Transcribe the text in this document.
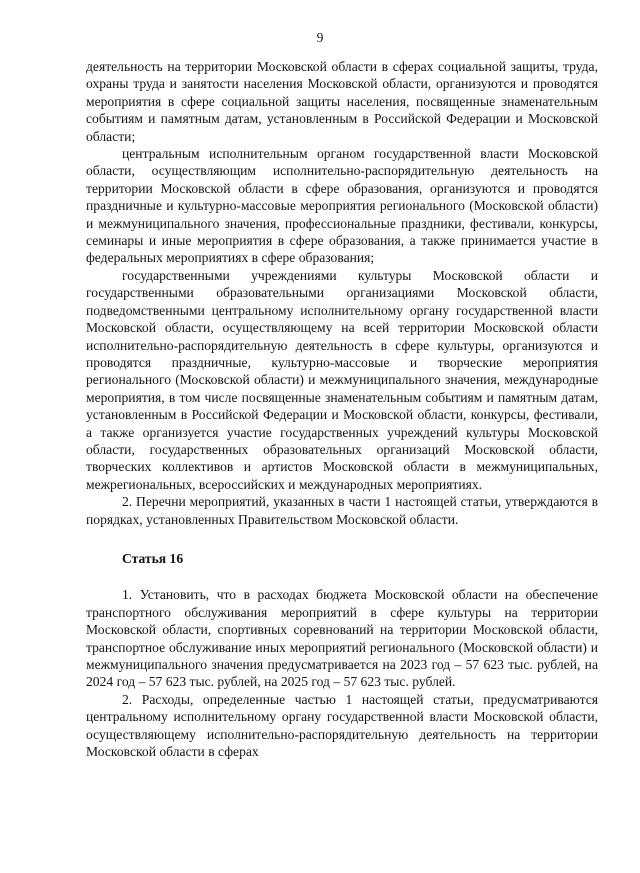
9

деятельность на территории Московской области в сферах социальной защиты, труда, охраны труда и занятости населения Московской области, организуются и проводятся мероприятия в сфере социальной защиты населения, посвященные знаменательным событиям и памятным датам, установленным в Российской Федерации и Московской области;

центральным исполнительным органом государственной власти Московской области, осуществляющим исполнительно-распорядительную деятельность на территории Московской области в сфере образования, организуются и проводятся праздничные и культурно-массовые мероприятия регионального (Московской области) и межмуниципального значения, профессиональные праздники, фестивали, конкурсы, семинары и иные мероприятия в сфере образования, а также принимается участие в федеральных мероприятиях в сфере образования;

государственными учреждениями культуры Московской области и государственными образовательными организациями Московской области, подведомственными центральному исполнительному органу государственной власти Московской области, осуществляющему на всей территории Московской области исполнительно-распорядительную деятельность в сфере культуры, организуются и проводятся праздничные, культурно-массовые и творческие мероприятия регионального (Московской области) и межмуниципального значения, международные мероприятия, в том числе посвященные знаменательным событиям и памятным датам, установленным в Российской Федерации и Московской области, конкурсы, фестивали, а также организуется участие государственных учреждений культуры Московской области, государственных образовательных организаций Московской области, творческих коллективов и артистов Московской области в межмуниципальных, межрегиональных, всероссийских и международных мероприятиях.

2. Перечни мероприятий, указанных в части 1 настоящей статьи, утверждаются в порядках, установленных Правительством Московской области.

Статья 16

1. Установить, что в расходах бюджета Московской области на обеспечение транспортного обслуживания мероприятий в сфере культуры на территории Московской области, спортивных соревнований на территории Московской области, транспортное обслуживание иных мероприятий регионального (Московской области) и межмуниципального значения предусматривается на 2023 год – 57 623 тыс. рублей, на 2024 год – 57 623 тыс. рублей, на 2025 год – 57 623 тыс. рублей.

2. Расходы, определенные частью 1 настоящей статьи, предусматриваются центральному исполнительному органу государственной власти Московской области, осуществляющему исполнительно-распорядительную деятельность на территории Московской области в сферах
